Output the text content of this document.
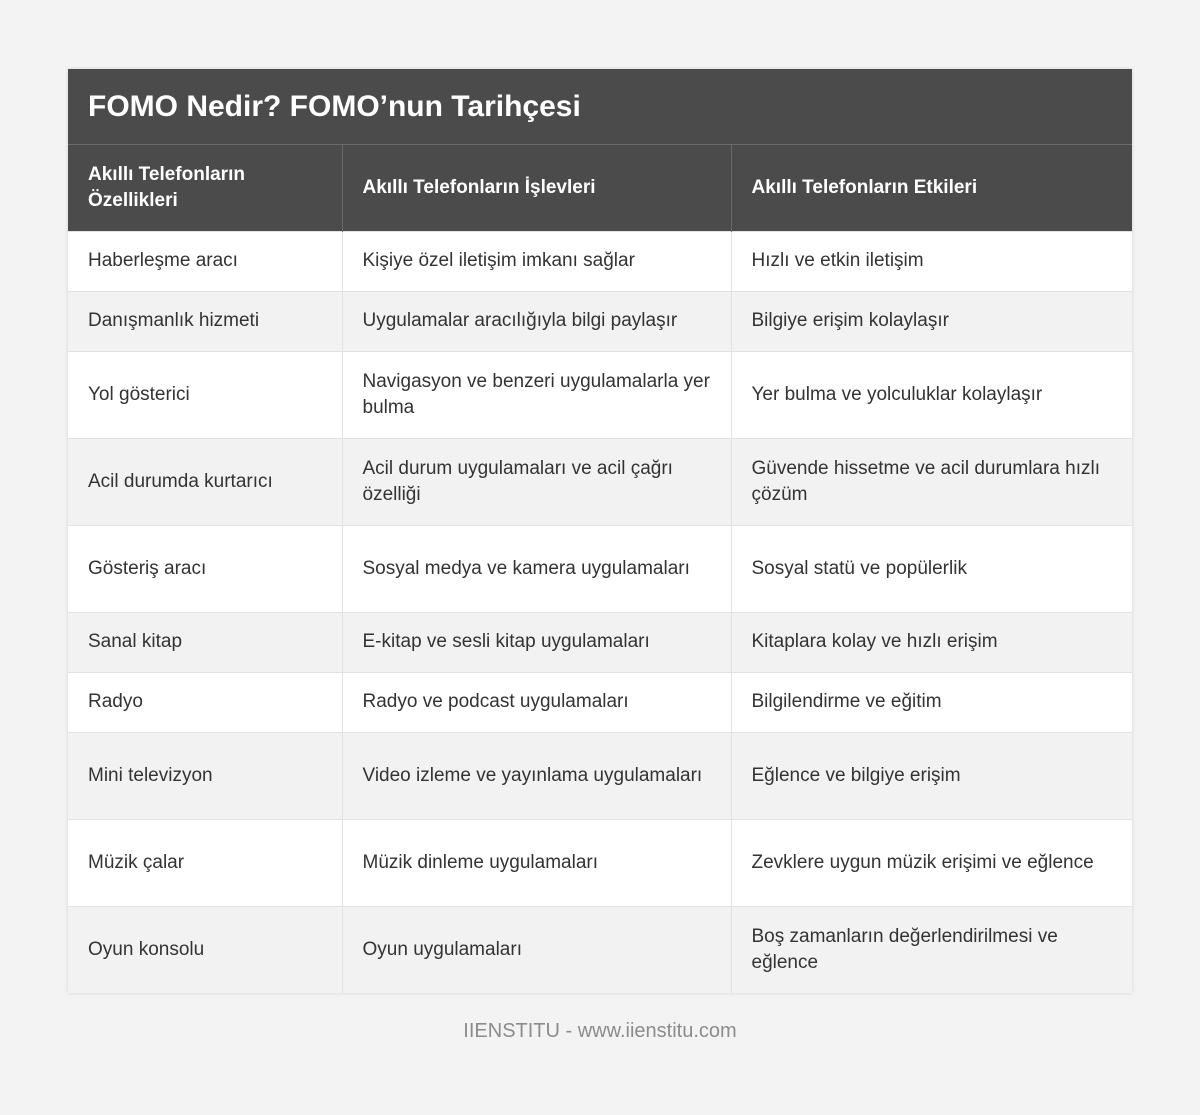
FOMO Nedir? FOMO’nun Tarihçesi
Akıllı Telefonların Özellikleri	Akıllı Telefonların İşlevleri	Akıllı Telefonların Etkileri
Haberleşme aracı	Kişiye özel iletişim imkanı sağlar	Hızlı ve etkin iletişim
Danışmanlık hizmeti	Uygulamalar aracılığıyla bilgi paylaşır	Bilgiye erişim kolaylaşır
Yol gösterici	Navigasyon ve benzeri uygulamalarla yer bulma	Yer bulma ve yolculuklar kolaylaşır
Acil durumda kurtarıcı	Acil durum uygulamaları ve acil çağrı özelliği	Güvende hissetme ve acil durumlara hızlı çözüm
Gösteriş aracı	Sosyal medya ve kamera uygulamaları	Sosyal statü ve popülerlik
Sanal kitap	E-kitap ve sesli kitap uygulamaları	Kitaplara kolay ve hızlı erişim
Radyo	Radyo ve podcast uygulamaları	Bilgilendirme ve eğitim
Mini televizyon	Video izleme ve yayınlama uygulamaları	Eğlence ve bilgiye erişim
Müzik çalar	Müzik dinleme uygulamaları	Zevklere uygun müzik erişimi ve eğlence
Oyun konsolu	Oyun uygulamaları	Boş zamanların değerlendirilmesi ve eğlence
IIENSTITU - www.iienstitu.com
